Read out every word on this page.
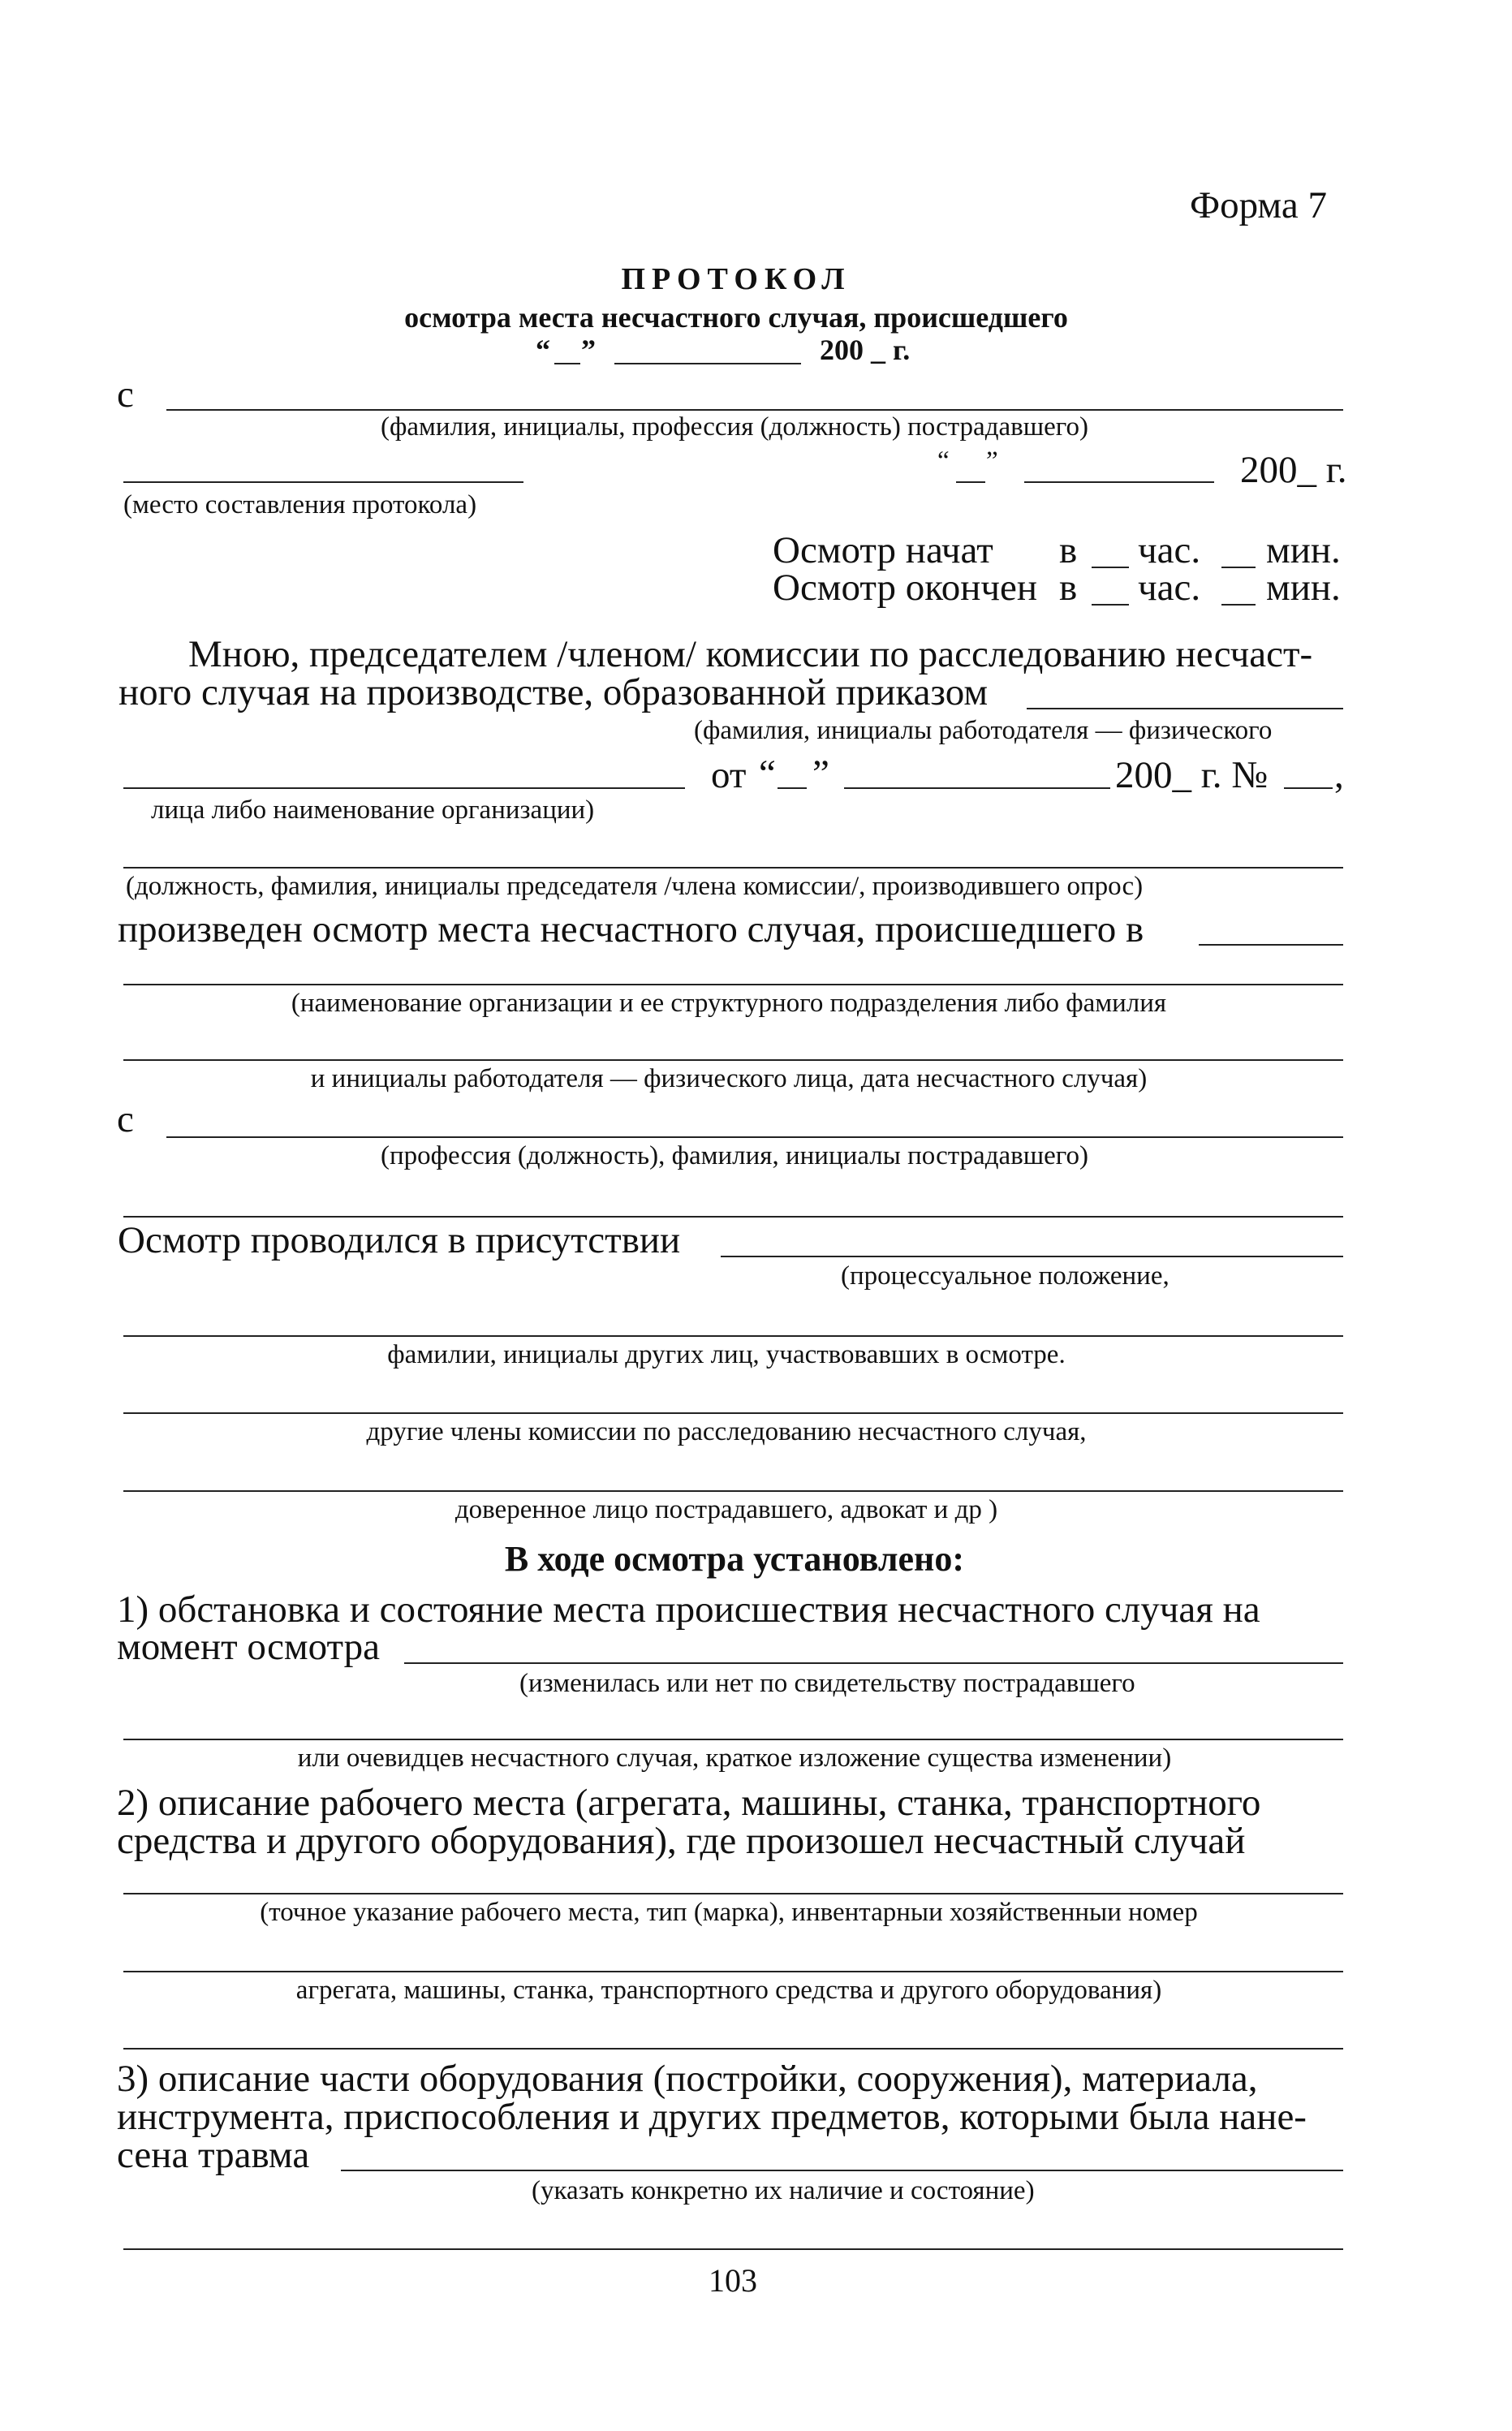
Форма 7
ПРОТОКОЛ
осмотра места несчастного случая, происшедшего
“ ”	200 _ г.
с
(фамилия, инициалы, профессия (должность) пострадавшего)
“ ”	200_ г.
(место составления протокола)
Осмотр начат в час. мин.
Осмотр окончен в час. мин.
Мною, председателем /членом/ комиссии по расследованию несчаст-
ного случая на производстве, образованной приказом
(фамилия, инициалы работодателя — физического
от “ ”	200_ г. № ,
лица либо наименование организации)
(должность, фамилия, инициалы председателя /члена комиссии/, производившего опрос)
произведен осмотр места несчастного случая, происшедшего в
(наименование организации и ее структурного подразделения либо фамилия
и инициалы работодателя — физического лица, дата несчастного случая)
с
(профессия (должность), фамилия, инициалы пострадавшего)
Осмотр проводился в присутствии
(процессуальное положение,
фамилии, инициалы других лиц, участвовавших в осмотре.
другие члены комиссии по расследованию несчастного случая,
доверенное лицо пострадавшего, адвокат и др )
В ходе осмотра установлено:
1) обстановка и состояние места происшествия несчастного случая на
момент осмотра
(изменилась или нет по свидетельству пострадавшего
или очевидцев несчастного случая, краткое изложение существа изменении)
2) описание рабочего места (агрегата, машины, станка, транспортного
средства и другого оборудования), где произошел несчастный случай
(точное указание рабочего места, тип (марка), инвентарныи хозяйственныи номер
агрегата, машины, станка, транспортного средства и другого оборудования)
3) описание части оборудования (постройки, сооружения), материала,
инструмента, приспособления и других предметов, которыми была нане-
сена травма
(указать конкретно их наличие и состояние)
103
